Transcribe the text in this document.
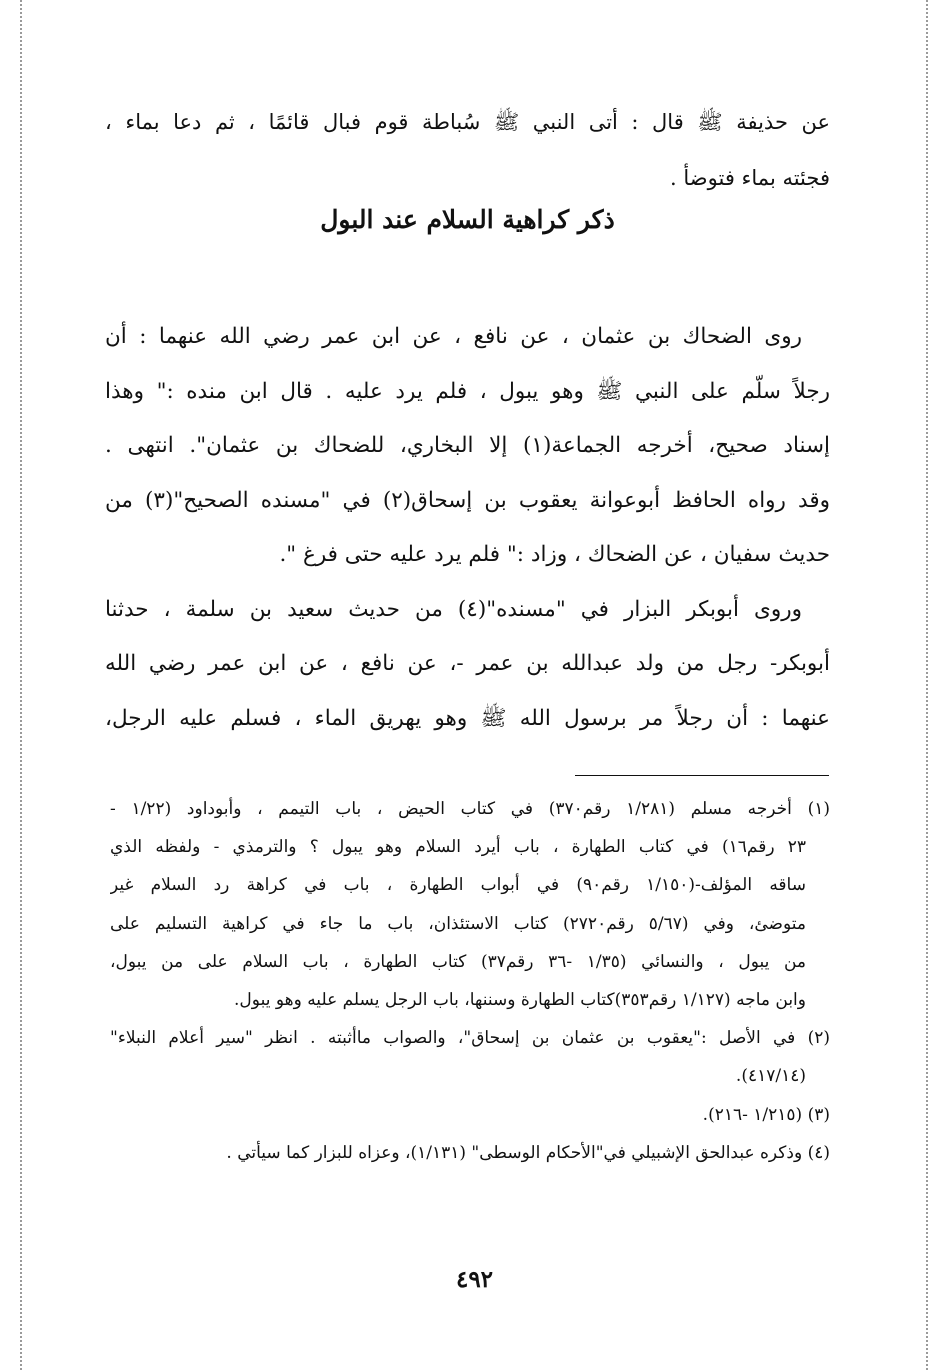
عن حذيفة ﷺ قال : أتى النبي ﷺ سُباطة قوم فبال قائمًا ، ثم دعا بماء ،
فجئته بماء فتوضأ .
ذكر كراهية السلام عند البول
روى الضحاك بن عثمان ، عن نافع ، عن ابن عمر رضي الله عنهما : أن
رجلاً سلّم على النبي ﷺ وهو يبول ، فلم يرد عليه . قال ابن منده :" وهذا
إسناد صحيح، أخرجه الجماعة(١) إلا البخاري، للضحاك بن عثمان". انتهى .
وقد رواه الحافظ أبوعوانة يعقوب بن إسحاق(٢) في "مسنده الصحيح"(٣) من
حديث سفيان ، عن الضحاك ، وزاد :" فلم يرد عليه حتى فرغ ".
وروى أبوبكر البزار في "مسنده"(٤) من حديث سعيد بن سلمة ، حدثنا
أبوبكر- رجل من ولد عبدالله بن عمر -، عن نافع ، عن ابن عمر رضي الله
عنهما : أن رجلاً مر برسول الله ﷺ وهو يهريق الماء ، فسلم عليه الرجل،
(١) أخرجه مسلم (١/٢٨١ رقم٣٧٠) في كتاب الحيض ، باب التيمم ، وأبوداود (١/٢٢ -
٢٣ رقم١٦) في كتاب الطهارة ، باب أيرد السلام وهو يبول ؟ والترمذي - ولفظه الذي
ساقه المؤلف-(١/١٥٠ رقم٩٠) في أبواب الطهارة ، باب في كراهة رد السلام غير
متوضئ، وفي (٥/٦٧ رقم٢٧٢٠) كتاب الاستئذان، باب ما جاء في كراهية التسليم على
من يبول ، والنسائي (١/٣٥ -٣٦ رقم٣٧) كتاب الطهارة ، باب السلام على من يبول،
وابن ماجه (١/١٢٧ رقم٣٥٣)كتاب الطهارة وسننها، باب الرجل يسلم عليه وهو يبول.
(٢) في الأصل :"يعقوب بن عثمان بن إسحاق"، والصواب ماأثبته . انظر "سير أعلام النبلاء"
(٤١٧/١٤).
(٣) (١/٢١٥ -٢١٦).
(٤) وذكره عبدالحق الإشبيلي في"الأحكام الوسطى" (١/١٣١)، وعزاه للبزار كما سيأتي .
٤٩٢
